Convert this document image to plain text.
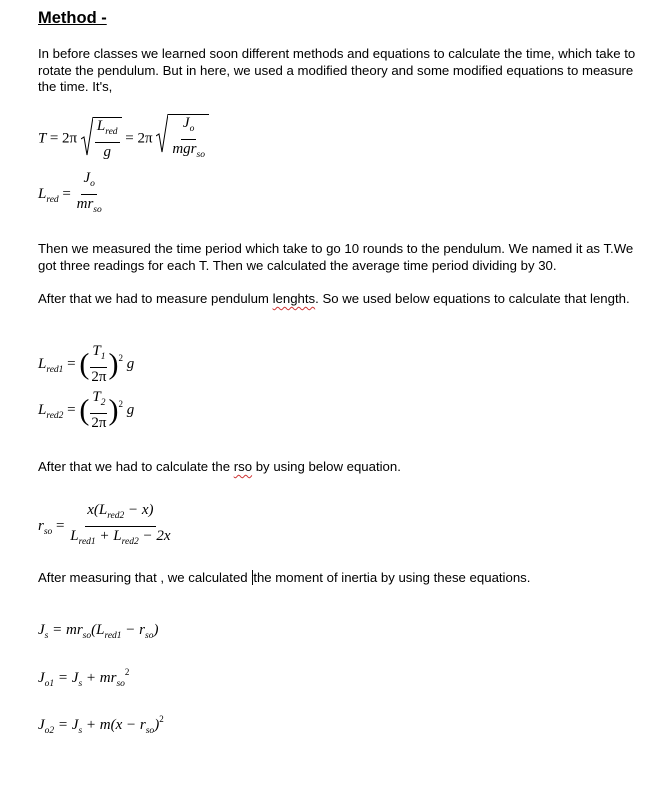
Method -
In before classes we learned soon different methods and equations to calculate the time, which take to rotate the pendulum. But in here, we used a modified theory and some modified equations to measure the time. It's,
$T = 2\pi \frac{L_{red}}{g} = 2\pi \frac{J_o}{mgr_{so}}$
$L_{red} = \frac{J_o}{mr_{so}}$
Then we measured the time period which take to go 10 rounds to the pendulum. We named it as T.We got three readings for each T. Then we calculated the average time period dividing by 30.
After that we had to measure pendulum lenghts. So we used below equations to calculate that length.
$L_{red1}$ = ( $\frac{T_1}{2\pi} )^2$ g
$L_{red2}$ = ( $\frac{T_2}{2\pi} )^2$ g
After that we had to calculate the rso by using below equation.
$r_{so} = \frac{x(L_{red2} - x)}{L_{red1} + L_{red2} - 2x}$
After measuring that , we calculated the moment of inertia by using these equations.
$J_s = mr_{so}(L_{red1} - r_{so})$
$J_{o1} = J_s + mr_{so}^2$
$J_{o2} = J_s + m(x - r_{so})^2$
